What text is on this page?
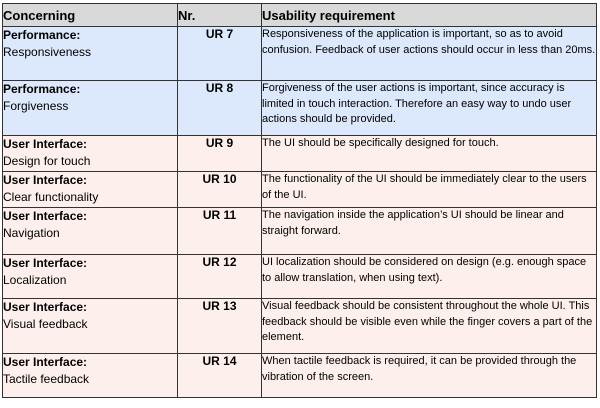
Concerning	Nr.	Usability requirement

Performance:
Responsiveness	UR 7	Responsiveness of the application is important, so as to avoid confusion. Feedback of user actions should occur in less than 20ms.

Performance:
Forgiveness	UR 8	Forgiveness of the user actions is important, since accuracy is limited in touch interaction. Therefore an easy way to undo user actions should be provided.

User Interface:
Design for touch	UR 9	The UI should be specifically designed for touch.

User Interface:
Clear functionality	UR 10	The functionality of the UI should be immediately clear to the users of the UI.

User Interface:
Navigation	UR 11	The navigation inside the application’s UI should be linear and straight forward.

User Interface:
Localization	UR 12	UI localization should be considered on design (e.g. enough space to allow translation, when using text).

User Interface:
Visual feedback	UR 13	Visual feedback should be consistent throughout the whole UI. This feedback should be visible even while the finger covers a part of the element.

User Interface:
Tactile feedback	UR 14	When tactile feedback is required, it can be provided through the vibration of the screen.
